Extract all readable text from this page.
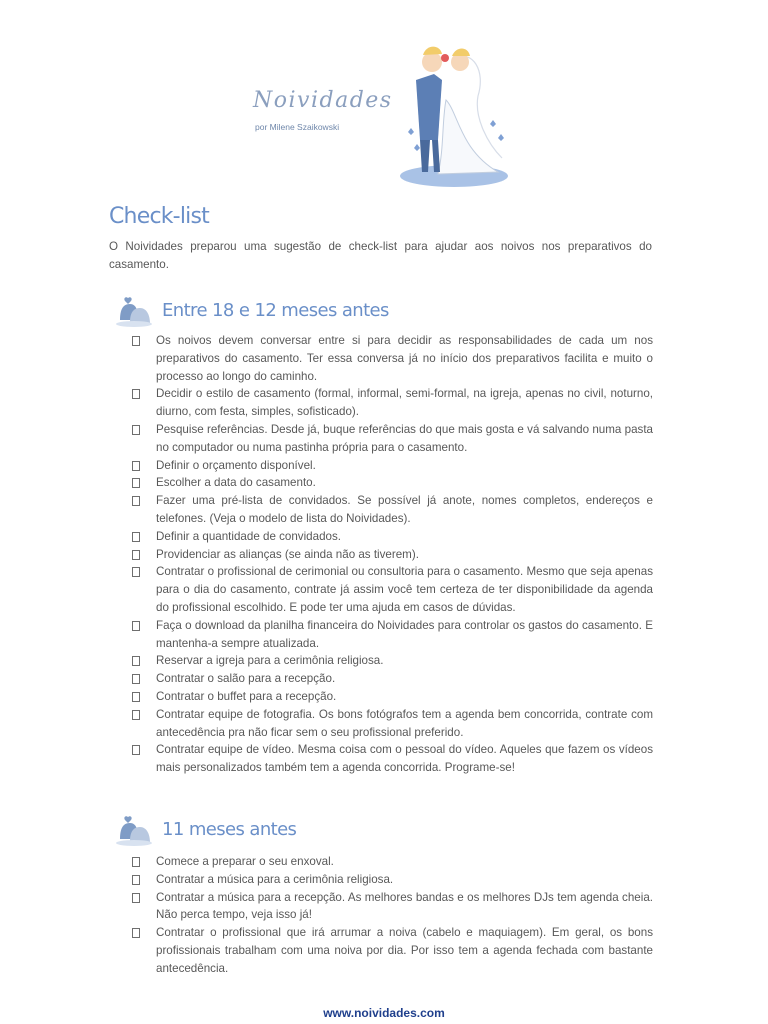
Noividades
por Milene Szaikowski
Check-list

O Noividades preparou uma sugestão de check-list para ajudar aos noivos nos preparativos do casamento.

Entre 18 e 12 meses antes
Os noivos devem conversar entre si para decidir as responsabilidades de cada um nos preparativos do casamento. Ter essa conversa já no início dos preparativos facilita e muito o processo ao longo do caminho.
Decidir o estilo de casamento (formal, informal, semi-formal, na igreja, apenas no civil, noturno, diurno, com festa, simples, sofisticado).
Pesquise referências. Desde já, buque referências do que mais gosta e vá salvando numa pasta no computador ou numa pastinha própria para o casamento.
Definir o orçamento disponível.
Escolher a data do casamento.
Fazer uma pré-lista de convidados. Se possível já anote, nomes completos, endereços e telefones. (Veja o modelo de lista do Noividades).
Definir a quantidade de convidados.
Providenciar as alianças (se ainda não as tiverem).
Contratar o profissional de cerimonial ou consultoria para o casamento. Mesmo que seja apenas para o dia do casamento, contrate já assim você tem certeza de ter disponibilidade da agenda do profissional escolhido. E pode ter uma ajuda em casos de dúvidas.
Faça o download da planilha financeira do Noividades para controlar os gastos do casamento. E mantenha-a sempre atualizada.
Reservar a igreja para a cerimônia religiosa.
Contratar o salão para a recepção.
Contratar o buffet para a recepção.
Contratar equipe de fotografia. Os bons fotógrafos tem a agenda bem concorrida, contrate com antecedência pra não ficar sem o seu profissional preferido.
Contratar equipe de vídeo. Mesma coisa com o pessoal do vídeo. Aqueles que fazem os vídeos mais personalizados também tem a agenda concorrida. Programe-se!
11 meses antes
Comece a preparar o seu enxoval.
Contratar a música para a cerimônia religiosa.
Contratar a música para a recepção. As melhores bandas e os melhores DJs tem agenda cheia. Não perca tempo, veja isso já!
Contratar o profissional que irá arrumar a noiva (cabelo e maquiagem). Em geral, os bons profissionais trabalham com uma noiva por dia. Por isso tem a agenda fechada com bastante antecedência.
www.noividades.com
